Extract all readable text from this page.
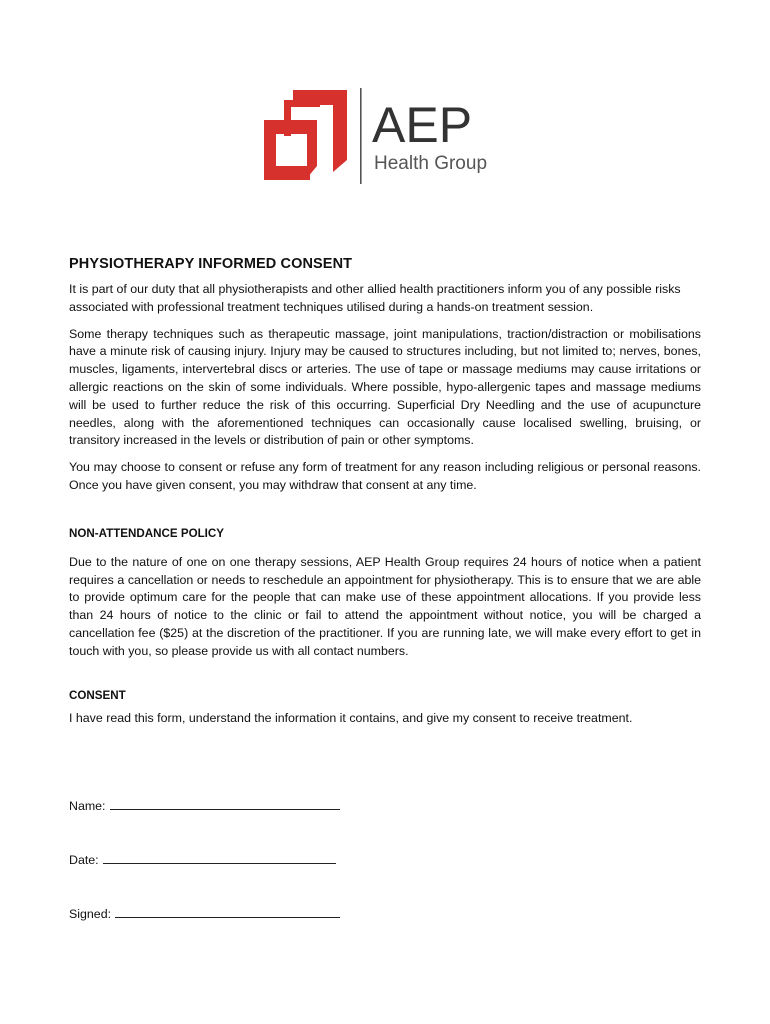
AEP
Health Group
PHYSIOTHERAPY INFORMED CONSENT

It is part of our duty that all physiotherapists and other allied health practitioners inform you of any possible risks associated with professional treatment techniques utilised during a hands-on treatment session.

Some therapy techniques such as therapeutic massage, joint manipulations, traction/distraction or mobilisations have a minute risk of causing injury. Injury may be caused to structures including, but not limited to; nerves, bones, muscles, ligaments, intervertebral discs or arteries. The use of tape or massage mediums may cause irritations or allergic reactions on the skin of some individuals. Where possible, hypo-allergenic tapes and massage mediums will be used to further reduce the risk of this occurring. Superficial Dry Needling and the use of acupuncture needles, along with the aforementioned techniques can occasionally cause localised swelling, bruising, or transitory increased in the levels or distribution of pain or other symptoms.

You may choose to consent or refuse any form of treatment for any reason including religious or personal reasons. Once you have given consent, you may withdraw that consent at any time.

NON-ATTENDANCE POLICY

Due to the nature of one on one therapy sessions, AEP Health Group requires 24 hours of notice when a patient requires a cancellation or needs to reschedule an appointment for physiotherapy. This is to ensure that we are able to provide optimum care for the people that can make use of these appointment allocations. If you provide less than 24 hours of notice to the clinic or fail to attend the appointment without notice, you will be charged a cancellation fee ($25) at the discretion of the practitioner. If you are running late, we will make every effort to get in touch with you, so please provide us with all contact numbers.

CONSENT

I have read this form, understand the information it contains, and give my consent to receive treatment.

Name:
Date:
Signed:
